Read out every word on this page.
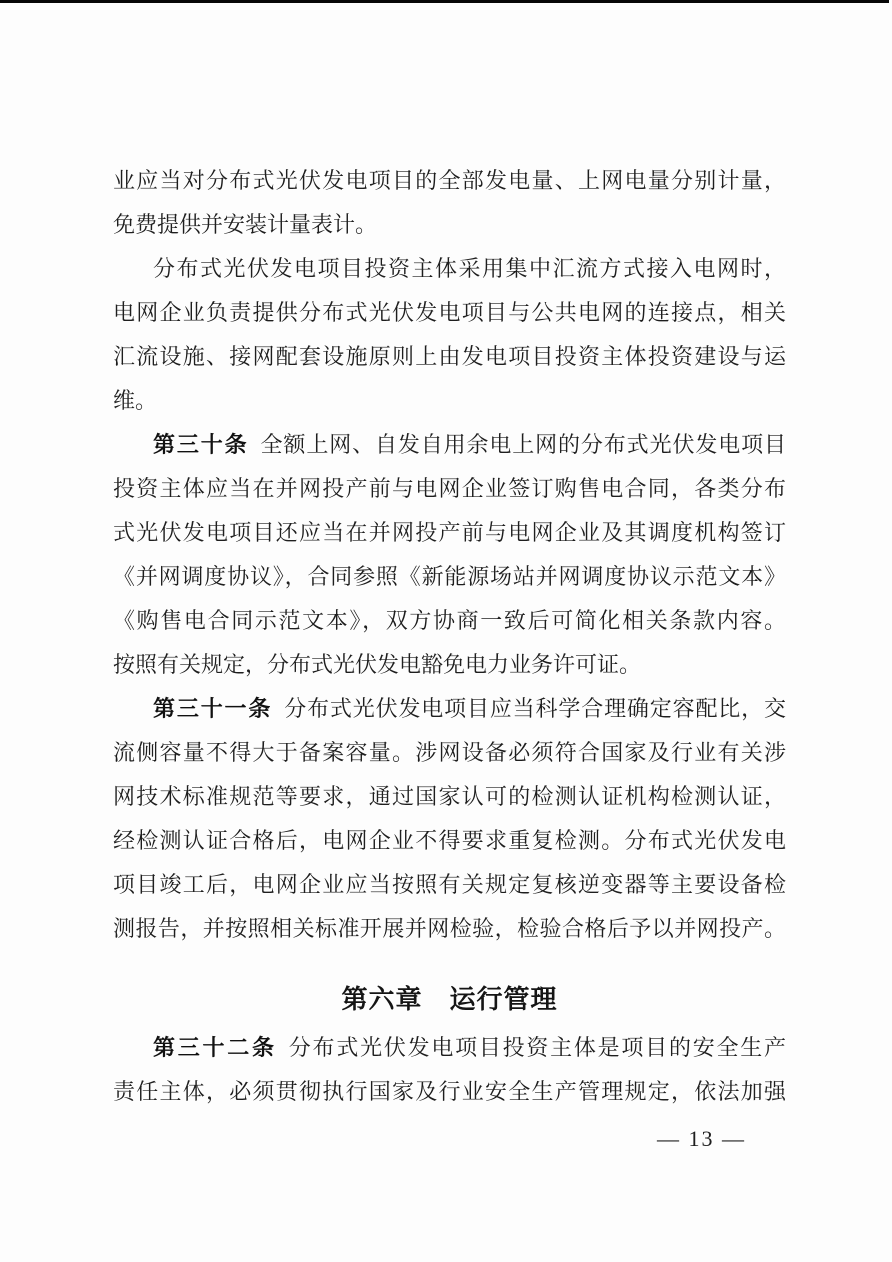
业应当对分布式光伏发电项目的全部发电量、上网电量分别计量，
免费提供并安装计量表计。
分布式光伏发电项目投资主体采用集中汇流方式接入电网时，
电网企业负责提供分布式光伏发电项目与公共电网的连接点，相关
汇流设施、接网配套设施原则上由发电项目投资主体投资建设与运
维。
第三十条 全额上网、自发自用余电上网的分布式光伏发电项目
投资主体应当在并网投产前与电网企业签订购售电合同，各类分布
式光伏发电项目还应当在并网投产前与电网企业及其调度机构签订
《并网调度协议》，合同参照《新能源场站并网调度协议示范文本》
《购售电合同示范文本》，双方协商一致后可简化相关条款内容。
按照有关规定，分布式光伏发电豁免电力业务许可证。
第三十一条 分布式光伏发电项目应当科学合理确定容配比，交
流侧容量不得大于备案容量。涉网设备必须符合国家及行业有关涉
网技术标准规范等要求，通过国家认可的检测认证机构检测认证，
经检测认证合格后，电网企业不得要求重复检测。分布式光伏发电
项目竣工后，电网企业应当按照有关规定复核逆变器等主要设备检
测报告，并按照相关标准开展并网检验，检验合格后予以并网投产。
第六章　运行管理
第三十二条 分布式光伏发电项目投资主体是项目的安全生产
责任主体，必须贯彻执行国家及行业安全生产管理规定，依法加强
— 13 —
